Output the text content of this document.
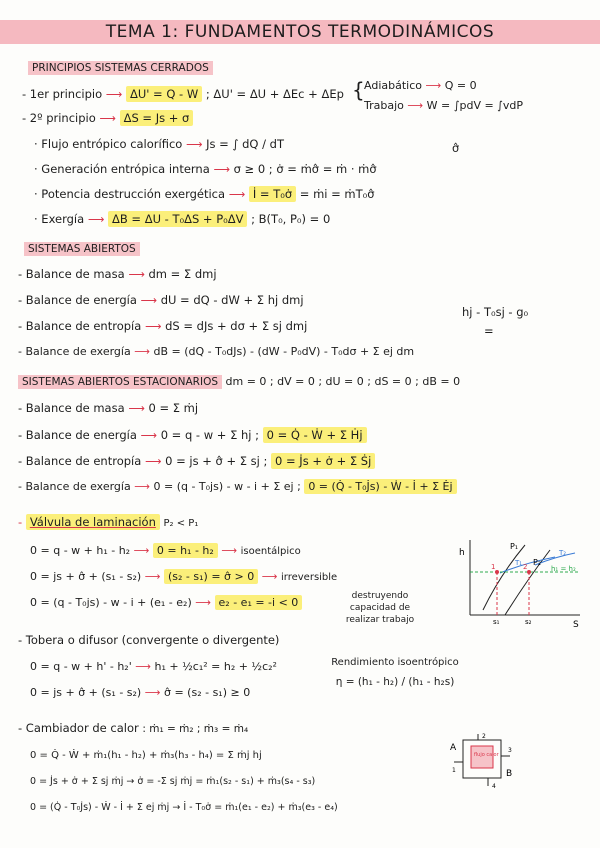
TEMA 1: FUNDAMENTOS TERMODINÁMICOS
PRINCIPIOS SISTEMAS CERRADOS
- 1er principio ⟶ ΔU' = Q - W ; ΔU' = ΔU + ΔEc + ΔEp { Adiabático ⟶ Q = 0
Trabajo ⟶ W = ∫pdV = ∫vdP
- 2º principio ⟶ ΔS = Js + σ
· Flujo entrópico calorífico ⟶ Js = ∫ dQ / dT	σ̂
· Generación entrópica interna ⟶ σ ≥ 0 ; σ̇ = ṁσ̂ = ṁ · ṁσ̂
· Potencia destrucción exergética ⟶ İ = T₀σ̇ = ṁi = ṁT₀σ̂
· Exergía ⟶ ΔB = ΔU - T₀ΔS + P₀ΔV ; B(T₀, P₀) = 0
SISTEMAS ABIERTOS
- Balance de masa ⟶ dm = Σ dmj
- Balance de energía ⟶ dU = dQ - dW + Σ hj dmj
- Balance de entropía ⟶ dS = dJs + dσ + Σ sj dmj
- Balance de exergía ⟶ dB = (dQ - T₀dJs) - (dW - P₀dV) - T₀dσ + Σ ej dm
hj - T₀sj - g₀
=
SISTEMAS ABIERTOS ESTACIONARIOS dm = 0 ; dV = 0 ; dU = 0 ; dS = 0 ; dB = 0
- Balance de masa ⟶ 0 = Σ ṁj
- Balance de energía ⟶ 0 = q - w + Σ hj ; 0 = Q̇ - Ẇ + Σ Ḣj
- Balance de entropía ⟶ 0 = js + σ̂ + Σ sj ; 0 = J̇s + σ̇ + Σ Ṡj
- Balance de exergía ⟶ 0 = (q - T₀js) - w - i + Σ ej ; 0 = (Q̇ - T₀J̇s) - Ẇ - İ + Σ Ėj
- Válvula de laminación P₂ < P₁
0 = q - w + h₁ - h₂ ⟶ 0 = h₁ - h₂ ⟶ isoentálpico
0 = js + σ̂ + (s₁ - s₂) ⟶ (s₂ - s₁) = σ̂ > 0 ⟶ irreversible
0 = (q - T₀js) - w - i + (e₁ - e₂) ⟶ e₂ - e₁ = -i < 0	destruyendo capacidad de realizar trabajo
h
S
P₁
P₂
T₁
T₂
h₁ = h₂
1	2
s₁	s₂
- Tobera o difusor (convergente o divergente)
0 = q - w + h' - h₂' ⟶ h₁ + ½c₁² = h₂ + ½c₂²
0 = js + σ̂ + (s₁ - s₂) ⟶ σ̂ = (s₂ - s₁) ≥ 0
Rendimiento isoentrópico
η = (h₁ - h₂) / (h₁ - h₂s)
- Cambiador de calor : ṁ₁ = ṁ₂ ; ṁ₃ = ṁ₄
0 = Q̇ - Ẇ + ṁ₁(h₁ - h₂) + ṁ₃(h₃ - h₄) = Σ ṁj hj
0 = J̇s + σ̇ + Σ sj ṁj → σ̇ = -Σ sj ṁj = ṁ₁(s₂ - s₁) + ṁ₃(s₄ - s₃)
0 = (Q̇ - T₀J̇s) - Ẇ - İ + Σ ej ṁj → İ - T₀σ̇ = ṁ₁(e₁ - e₂) + ṁ₃(e₃ - e₄)
A
B
flujo calor
1
2
3
4
